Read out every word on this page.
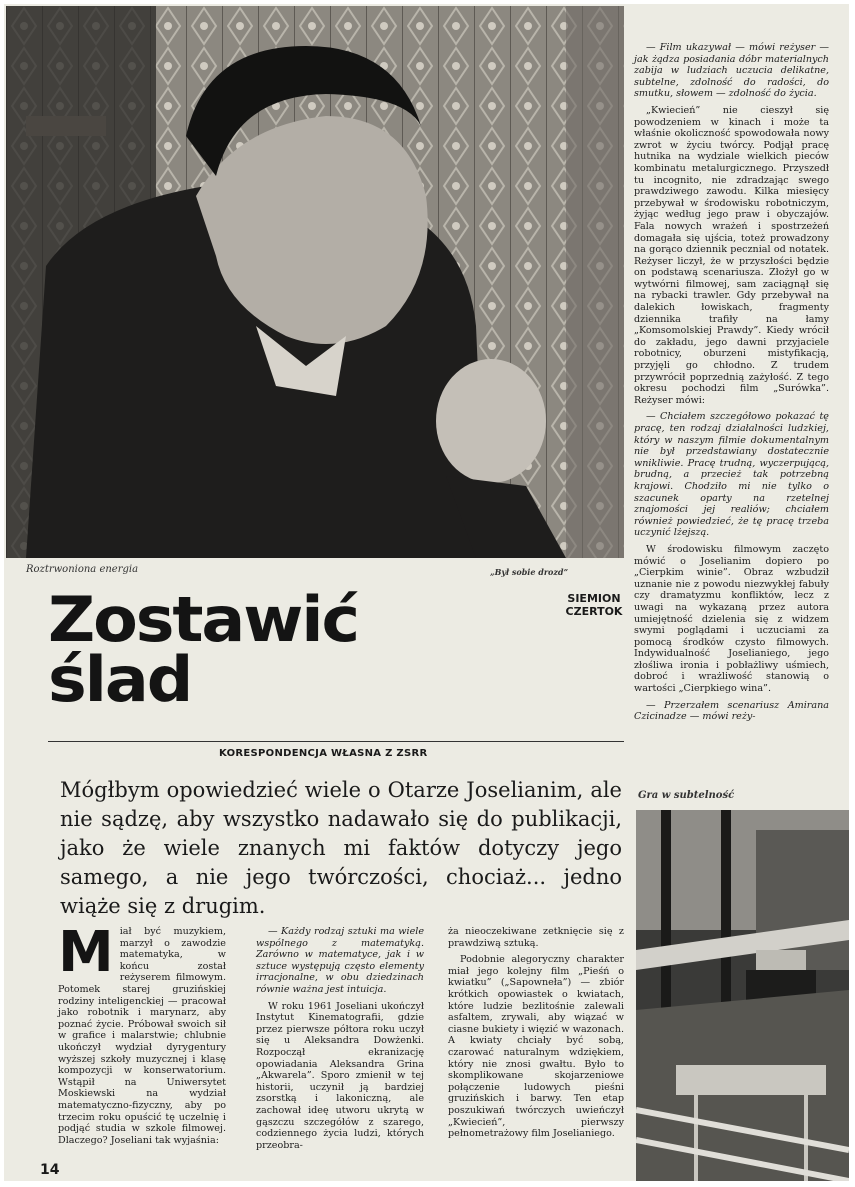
Roztrwoniona energia	„Był sobie drozd”
Zostawić
ślad
SIEMION
CZERTOK
KORESPONDENCJA WŁASNA Z ZSRR
Mógłbym opowiedzieć wiele o Otarze Joselianim, ale nie sądzę, aby wszystko nadawało się do publikacji, jako że wiele znanych mi faktów dotyczy jego samego, a nie jego twórczości, chociaż... jedno wiąże się z drugim.

— Film ukazywał — mówi reżyser — jak żądza posiadania dóbr materialnych zabija w ludziach uczucia delikatne, subtelne, zdolność do radości, do smutku, słowem — zdolność do życia.

„Kwiecień” nie cieszył się powodzeniem w kinach i może ta właśnie okoliczność spowodowała nowy zwrot w życiu twórcy. Podjął pracę hutnika na wydziale wielkich pieców kombinatu metalurgicznego. Przyszedł tu incognito, nie zdradzając swego prawdziwego zawodu. Kilka miesięcy przebywał w środowisku robotniczym, żyjąc według jego praw i obyczajów. Fala nowych wrażeń i spostrzeżeń domagała się ujścia, toteż prowadzony na gorąco dziennik pecznial od notatek. Reżyser liczył, że w przyszłości będzie on podstawą scenariusza. Złożył go w wytwórni filmowej, sam zaciągnął się na rybacki trawler. Gdy przebywał na dalekich łowiskach, fragmenty dziennika trafiły na łamy „Komsomolskiej Prawdy”. Kiedy wrócił do zakładu, jego dawni przyjaciele robotnicy, oburzeni mistyfikacją, przyjęli go chłodno. Z trudem przywrócił poprzednią zażyłość. Z tego okresu pochodzi film „Surówka”. Reżyser mówi:

— Chciałem szczegółowo pokazać tę pracę, ten rodzaj działalności ludzkiej, który w naszym filmie dokumentalnym nie był przedstawiany dostatecznie wnikliwie. Pracę trudną, wyczerpującą, brudną, a przecież tak potrzebną krajowi. Chodziło mi nie tylko o szacunek oparty na rzetelnej znajomości jej realiów; chciałem również powiedzieć, że tę pracę trzeba uczynić lżejszą.

W środowisku filmowym zaczęto mówić o Joselianim dopiero po „Cierpkim winie”. Obraz wzbudził uznanie nie z powodu niezwykłej fabuły czy dramatyzmu konfliktów, lecz z uwagi na wykazaną przez autora umiejętność dzielenia się z widzem swymi poglądami i uczuciami za pomocą środków czysto filmowych. Indywidualność Joselianiego, jego złośliwa ironia i pobłażliwy uśmiech, dobroć i wrażliwość stanowią o wartości „Cierpkiego wina”.

— Przerzałem scenariusz Amirana Czicinadze — mówi reży-

Gra w subtelność

M iał być muzykiem, marzył o zawodzie matematyka, w końcu został reżyserem filmowym. Potomek starej gruzińskiej rodziny inteligenckiej — pracował jako robotnik i marynarz, aby poznać życie. Próbował swoich sił w grafice i malarstwie; chlubnie ukończył wydział dyrygentury wyższej szkoły muzycznej i klasę kompozycji w konserwatorium. Wstąpił na Uniwersytet Moskiewski na wydział matematyczno-fizyczny, aby po trzecim roku opuścić tę uczelnię i podjąć studia w szkole filmowej. Dlaczego? Joseliani tak wyjaśnia:

— Każdy rodzaj sztuki ma wiele wspólnego z matematyką. Zarówno w matematyce, jak i w sztuce występują często elementy irracjonalne, w obu dziedzinach równie ważna jest intuicja.

W roku 1961 Joseliani ukończył Instytut Kinematografii, gdzie przez pierwsze półtora roku uczył się u Aleksandra Dowżenki. Rozpoczął ekranizację opowiadania Aleksandra Grina „Akwarela”. Sporo zmienił w tej historii, uczynił ją bardziej zsorstką i lakoniczną, ale zachował ideę utworu ukrytą w gąszczu szczegółów z szarego, codziennego życia ludzi, których przeobra-

ża nieoczekiwane zetknięcie się z prawdziwą sztuką.

Podobnie alegoryczny charakter miał jego kolejny film „Pieśń o kwiatku” („Sapowneła”) — zbiór krótkich opowiastek o kwiatach, które ludzie bezlitośnie zalewali asfaltem, zrywali, aby wiązać w ciasne bukiety i więzić w wazonach. A kwiaty chciały być sobą, czarować naturalnym wdziękiem, który nie znosi gwałtu. Było to skomplikowane skojarzeniowe połączenie ludowych pieśni gruzińskich i barwy. Ten etap poszukiwań twórczych uwieńczył „Kwiecień”, pierwszy pełnometrażowy film Joselianiego.

14
